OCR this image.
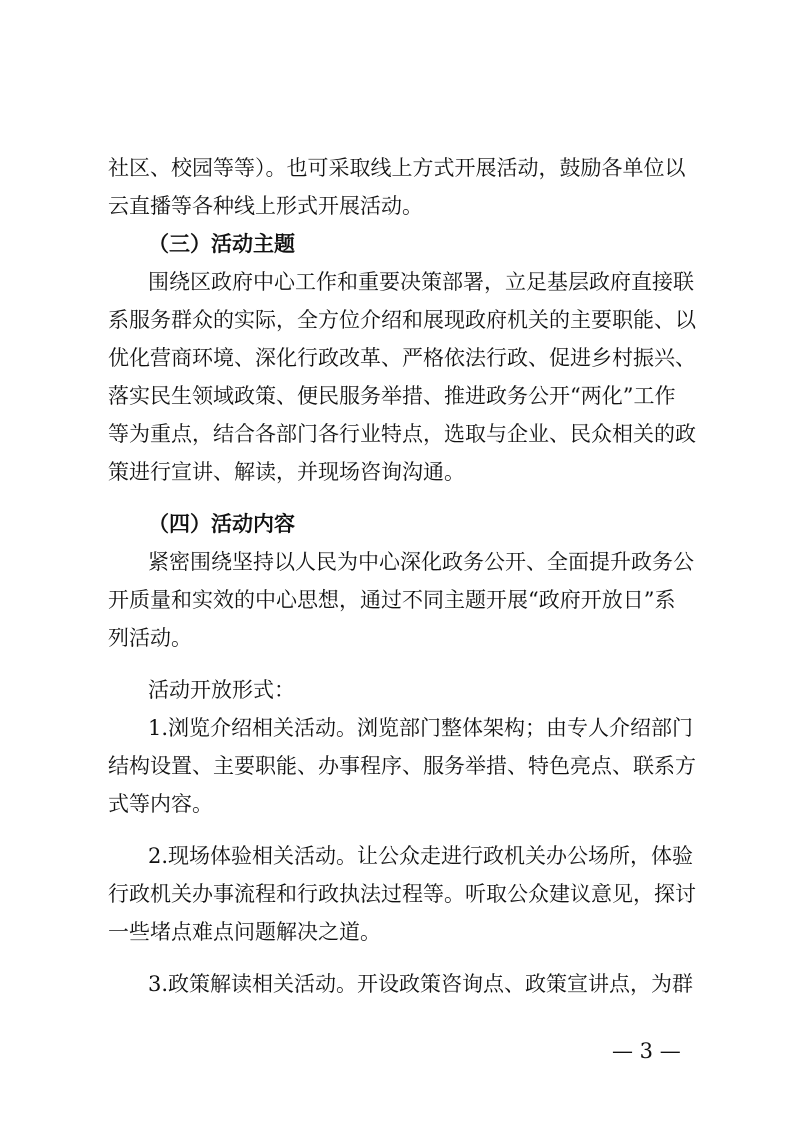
社区、校园等等）。也可采取线上方式开展活动，鼓励各单位以
云直播等各种线上形式开展活动。
（三）活动主题
围绕区政府中心工作和重要决策部署，立足基层政府直接联
系服务群众的实际，全方位介绍和展现政府机关的主要职能、以
优化营商环境、深化行政改革、严格依法行政、促进乡村振兴、
落实民生领域政策、便民服务举措、推进政务公开“两化”工作
等为重点，结合各部门各行业特点，选取与企业、民众相关的政
策进行宣讲、解读，并现场咨询沟通。
（四）活动内容
紧密围绕坚持以人民为中心深化政务公开、全面提升政务公
开质量和实效的中心思想，通过不同主题开展“政府开放日”系
列活动。
活动开放形式：
1.浏览介绍相关活动。浏览部门整体架构；由专人介绍部门
结构设置、主要职能、办事程序、服务举措、特色亮点、联系方
式等内容。
2.现场体验相关活动。让公众走进行政机关办公场所，体验
行政机关办事流程和行政执法过程等。听取公众建议意见，探讨
一些堵点难点问题解决之道。
3.政策解读相关活动。开设政策咨询点、政策宣讲点，为群
— 3 —
